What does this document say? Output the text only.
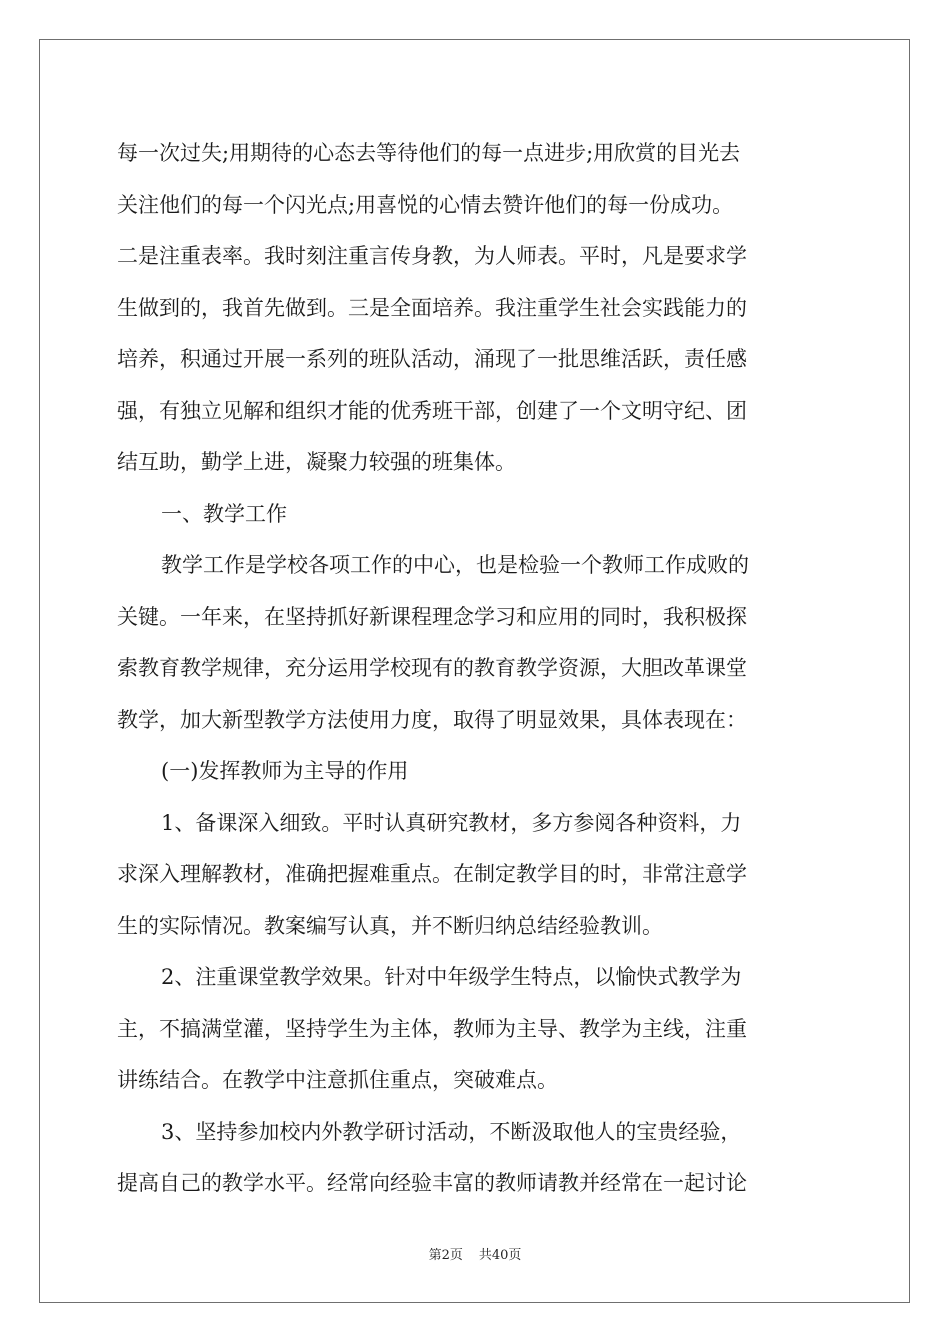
每一次过失;用期待的心态去等待他们的每一点进步;用欣赏的目光去
关注他们的每一个闪光点;用喜悦的心情去赞许他们的每一份成功。
二是注重表率。我时刻注重言传身教，为人师表。平时，凡是要求学
生做到的，我首先做到。三是全面培养。我注重学生社会实践能力的
培养，积通过开展一系列的班队活动，涌现了一批思维活跃，责任感
强，有独立见解和组织才能的优秀班干部，创建了一个文明守纪、团
结互助，勤学上进，凝聚力较强的班集体。
一、教学工作
教学工作是学校各项工作的中心，也是检验一个教师工作成败的
关键。一年来，在坚持抓好新课程理念学习和应用的同时，我积极探
索教育教学规律，充分运用学校现有的教育教学资源，大胆改革课堂
教学，加大新型教学方法使用力度，取得了明显效果，具体表现在：
(一)发挥教师为主导的作用
1、备课深入细致。平时认真研究教材，多方参阅各种资料，力
求深入理解教材，准确把握难重点。在制定教学目的时，非常注意学
生的实际情况。教案编写认真，并不断归纳总结经验教训。
2、注重课堂教学效果。针对中年级学生特点，以愉快式教学为
主，不搞满堂灌，坚持学生为主体，教师为主导、教学为主线，注重
讲练结合。在教学中注意抓住重点，突破难点。
3、坚持参加校内外教学研讨活动，不断汲取他人的宝贵经验，
提高自己的教学水平。经常向经验丰富的教师请教并经常在一起讨论
第2页 共40页
